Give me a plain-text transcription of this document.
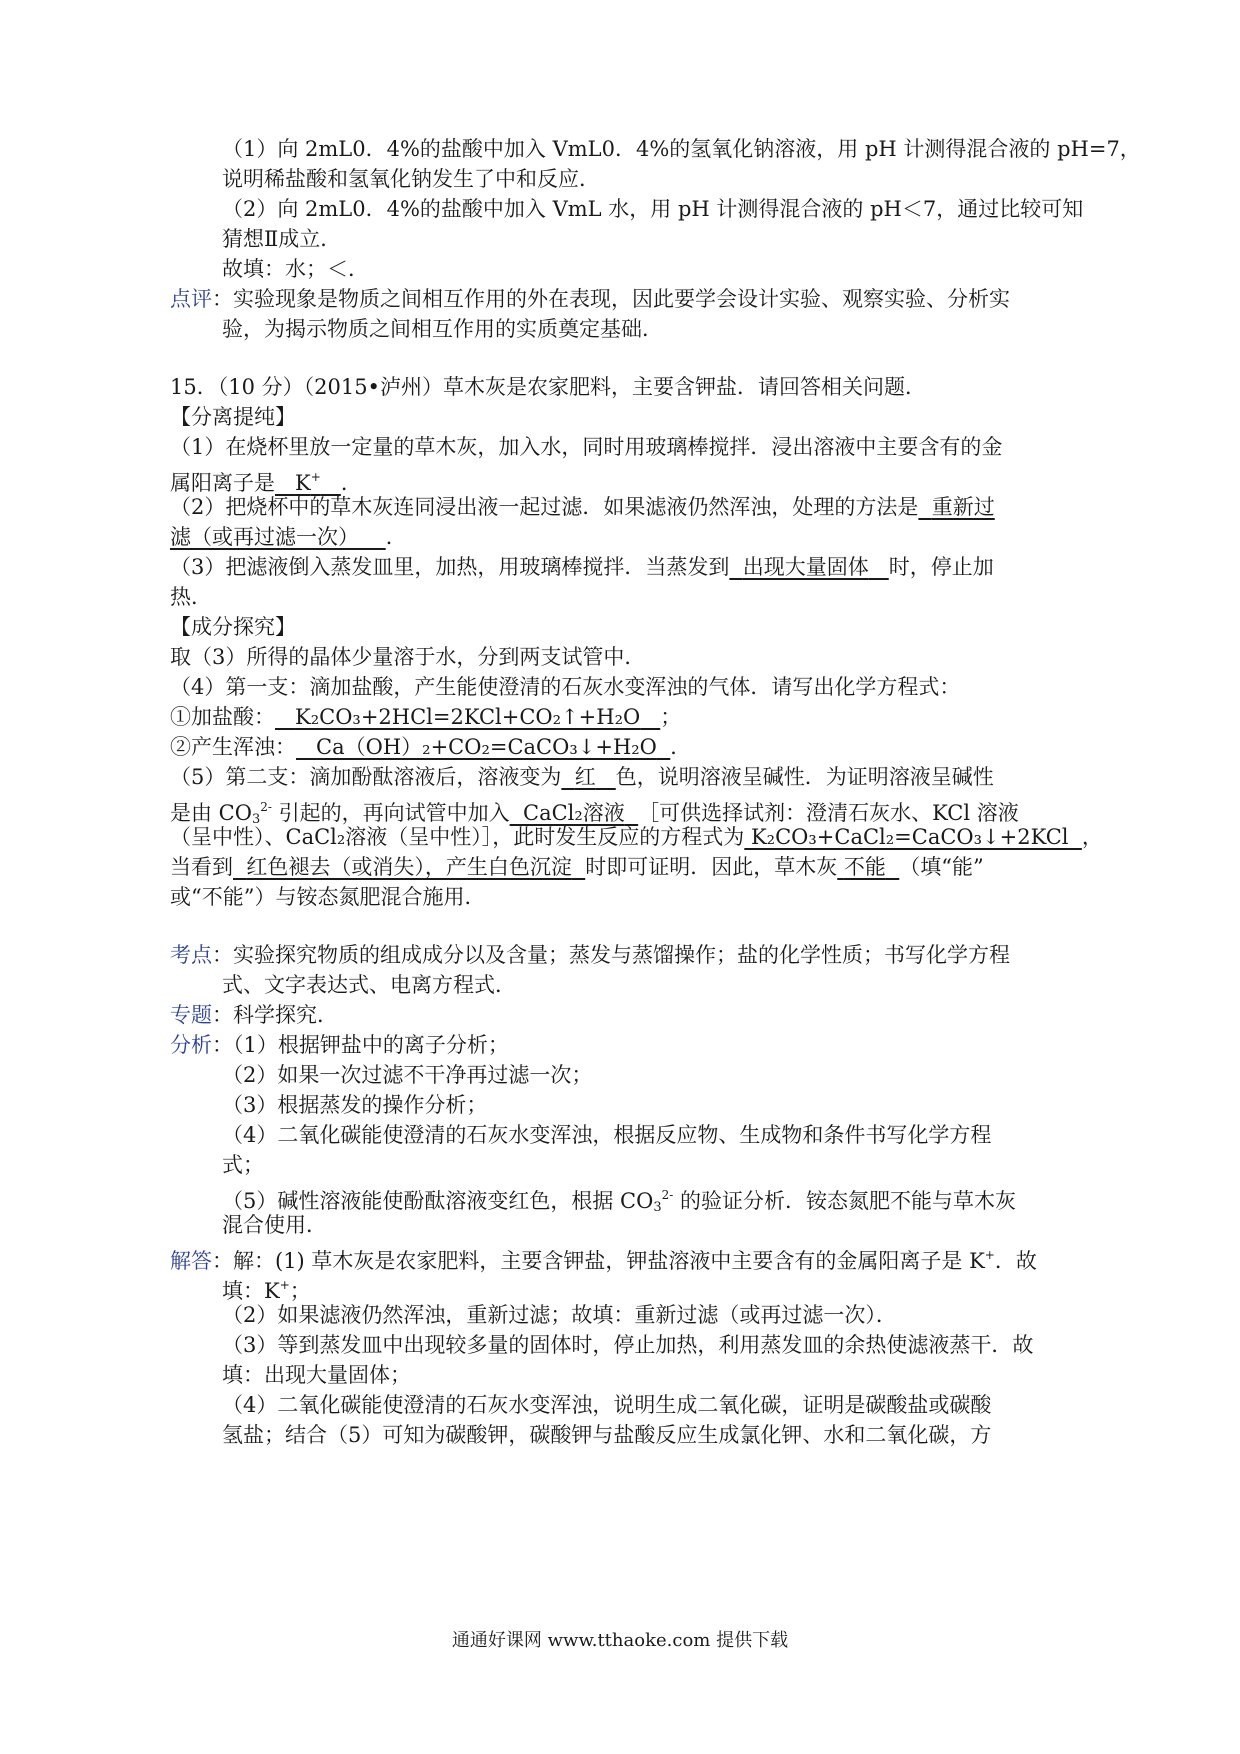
（1）向 2mL0．4%的盐酸中加入 VmL0．4%的氢氧化钠溶液，用 pH 计测得混合液的 pH=7，
说明稀盐酸和氢氧化钠发生了中和反应．
（2）向 2mL0．4%的盐酸中加入 VmL 水，用 pH 计测得混合液的 pH＜7，通过比较可知
猜想Ⅱ成立．
故填：水；＜．
点评：实验现象是物质之间相互作用的外在表现，因此要学会设计实验、观察实验、分析实
验，为揭示物质之间相互作用的实质奠定基础．
15．（10 分）（2015•泸州）草木灰是农家肥料，主要含钾盐．请回答相关问题．
【分离提纯】
（1）在烧杯里放一定量的草木灰，加入水，同时用玻璃棒搅拌．浸出溶液中主要含有的金
属阳离子是 K+ ．
（2）把烧杯中的草木灰连同浸出液一起过滤．如果滤液仍然浑浊，处理的方法是 重新过
滤（或再过滤一次） ．
（3）把滤液倒入蒸发皿里，加热，用玻璃棒搅拌．当蒸发到 出现大量固体 时，停止加
热．
【成分探究】
取（3）所得的晶体少量溶于水，分到两支试管中．
（4）第一支：滴加盐酸，产生能使澄清的石灰水变浑浊的气体．请写出化学方程式：
①加盐酸： K₂CO₃+2HCl=2KCl+CO₂↑+H₂O ；
②产生浑浊： Ca（OH）₂+CO₂=CaCO₃↓+H₂O ．
（5）第二支：滴加酚酞溶液后，溶液变为 红 色，说明溶液呈碱性．为证明溶液呈碱性
是由 $CO_3^{2-}$ 引起的，再向试管中加入 CaCl₂溶液 ［可供选择试剂：澄清石灰水、KCl 溶液
（呈中性）、CaCl₂溶液（呈中性）］，此时发生反应的方程式为 K₂CO₃+CaCl₂=CaCO₃↓+2KCl ，
当看到 红色褪去（或消失），产生白色沉淀 时即可证明．因此，草木灰 不能 （填“能”
或“不能”）与铵态氮肥混合施用．
考点：实验探究物质的组成成分以及含量；蒸发与蒸馏操作；盐的化学性质；书写化学方程
式、文字表达式、电离方程式．
专题：科学探究．
分析：（1）根据钾盐中的离子分析；
（2）如果一次过滤不干净再过滤一次；
（3）根据蒸发的操作分析；
（4）二氧化碳能使澄清的石灰水变浑浊，根据反应物、生成物和条件书写化学方程
式；
（5）碱性溶液能使酚酞溶液变红色，根据 $CO_3^{2-}$ 的验证分析．铵态氮肥不能与草木灰
混合使用．
解答：解：(1) 草木灰是农家肥料，主要含钾盐，钾盐溶液中主要含有的金属阳离子是 K+．故
填：K+；
（2）如果滤液仍然浑浊，重新过滤；故填：重新过滤（或再过滤一次）．
（3）等到蒸发皿中出现较多量的固体时，停止加热，利用蒸发皿的余热使滤液蒸干．故
填：出现大量固体；
（4）二氧化碳能使澄清的石灰水变浑浊，说明生成二氧化碳，证明是碳酸盐或碳酸
氢盐；结合（5）可知为碳酸钾，碳酸钾与盐酸反应生成氯化钾、水和二氧化碳，方
通通好课网 www.tthaoke.com 提供下载
